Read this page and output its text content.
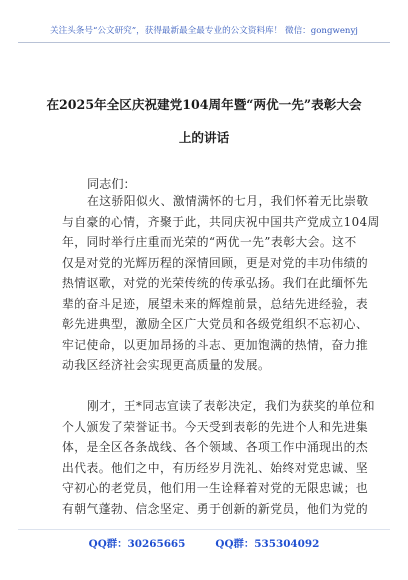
关注头条号“公文研究”，获得最新最全最专业的公文资料库！ 微信：gongwenyj
在2025年全区庆祝建党104周年暨“两优一先”表彰大会
上的讲话
同志们：
在这骄阳似火、激情满怀的七月，我们怀着无比崇敬
与自豪的心情，齐聚于此，共同庆祝中国共产党成立104周
年，同时举行庄重而光荣的“两优一先”表彰大会。这不
仅是对党的光辉历程的深情回顾，更是对党的丰功伟绩的
热情讴歌，对党的光荣传统的传承弘扬。我们在此缅怀先
辈的奋斗足迹，展望未来的辉煌前景，总结先进经验，表
彰先进典型，激励全区广大党员和各级党组织不忘初心、
牢记使命，以更加昂扬的斗志、更加饱满的热情，奋力推
动我区经济社会实现更高质量的发展。
刚才，王*同志宣读了表彰决定，我们为获奖的单位和
个人颁发了荣誉证书。今天受到表彰的先进个人和先进集
体，是全区各条战线、各个领域、各项工作中涌现出的杰
出代表。他们之中，有历经岁月洗礼、始终对党忠诚、坚
守初心的老党员，他们用一生诠释着对党的无限忠诚；也
有朝气蓬勃、信念坚定、勇于创新的新党员，他们为党的
QQ群：30265665	QQ群：535304092
